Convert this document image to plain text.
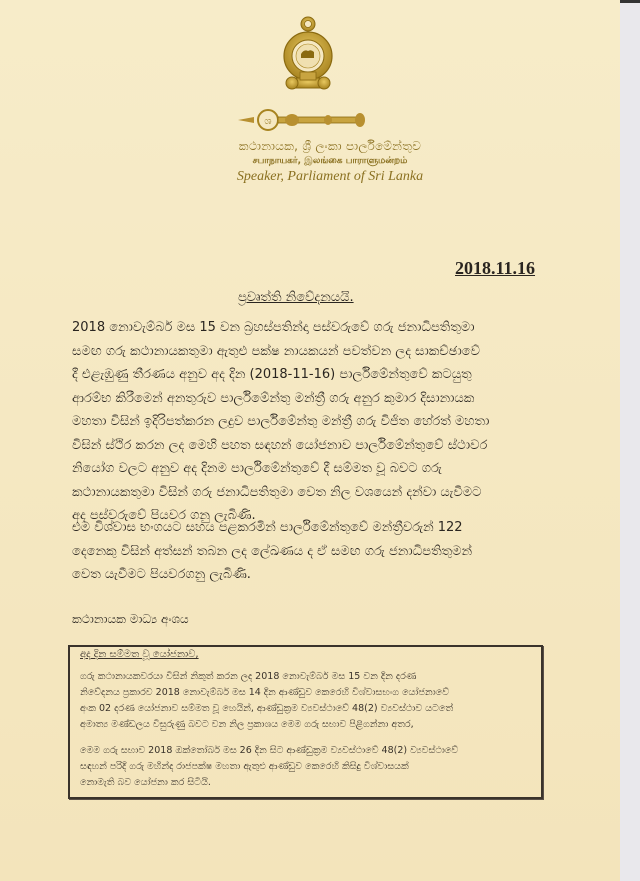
ශ
කථානායක, ශ්‍රී ලංකා පාර්ලිමේන්තුව
சபாநாயகர், இலங்கை பாராளுமன்றம்
Speaker, Parliament of Sri Lanka
2018.11.16
ප්‍රවෘත්ති නිවේදනයයි.
2018 නොවැම්බර් මස 15 වන බ්‍රහස්පතින්දා පස්වරුවේ ගරු ජනාධිපතිතුමා
සමඟ ගරු කථානායකතුමා ඇතුළු පක්ෂ නායකයන් පවත්වන ලද සාකච්ඡාවේ
දී එළැඹුණු තීරණය අනුව අද දින (2018-11-16) පාර්ලිමේන්තුවේ කටයුතු
ආරම්භ කිරීමෙන් අනතුරුව පාර්ලිමේන්තු මන්ත්‍රී ගරු අනුර කුමාර දිසානායක
මහතා විසින් ඉදිරිපත්කරන ලදුව පාර්ලිමේන්තු මන්ත්‍රී ගරු විජිත හේරත් මහතා
විසින් ස්ථිර කරන ලද මෙහි පහත සඳහන් යෝජනාව පාර්ලිමේන්තුවේ ස්ථාවර
නියෝග වලට අනුව අද දිනම පාර්ලිමේන්තුවේ දී සම්මත වූ බවට ගරු
කථානායකතුමා විසින් ගරු ජනාධිපතිතුමා වෙත නිල වශයෙන් දන්වා යැවීමට
අද පස්වරුවේ පියවර ගනු ලැබිණි.
එම විශ්වාස භංගයට සහය පළකරමින් පාර්ලිමේන්තුවේ මන්ත්‍රීවරුන් 122
දෙනෙකු විසින් අත්සන් තබන ලද ලේඛණය ද ඒ සමඟ ගරු ජනාධිපතිතුමන්
වෙත යැවීමට පියවරගනු ලැබිණි.
කථානායක මාධ්‍ය අංශය
අද දින සම්මත වූ යෝජනාව,
ගරු කථානායකවරයා විසින් නිකුත් කරන ලද 2018 නොවැම්බර් මස 15 වන දින දරණ
නිවේදනය ප්‍රකාරව 2018 නොවැම්බර් මස 14 දින ආණ්ඩුව කෙරෙහි විශ්වාසභංග යෝජනාවේ
අංක 02 දරණ යෝජනාව සම්මත වූ හෙයින්, ආණ්ඩුක්‍රම ව්‍යවස්ථාවේ 48(2) ව්‍යවස්ථාව යටතේ
අමාත්‍ය මණ්ඩලය විසුරුණු බවට වන නිල ප්‍රකාශය මෙම ගරු සභාව පිළිගන්නා අතර,
මෙම ගරු සභාව 2018 ඔක්තෝබර් මස 26 දින සිට ආණ්ඩුක්‍රම ව්‍යවස්ථාවේ 48(2) ව්‍යවස්ථාවේ
සඳහන් පරිදි ගරු මහින්ද රාජපක්ෂ මහතා ඇතුළු ආණ්ඩුව කෙරෙහි කිසිදු විශ්වාසයක්
නොමැති බව යෝජනා කර සිටියි.
